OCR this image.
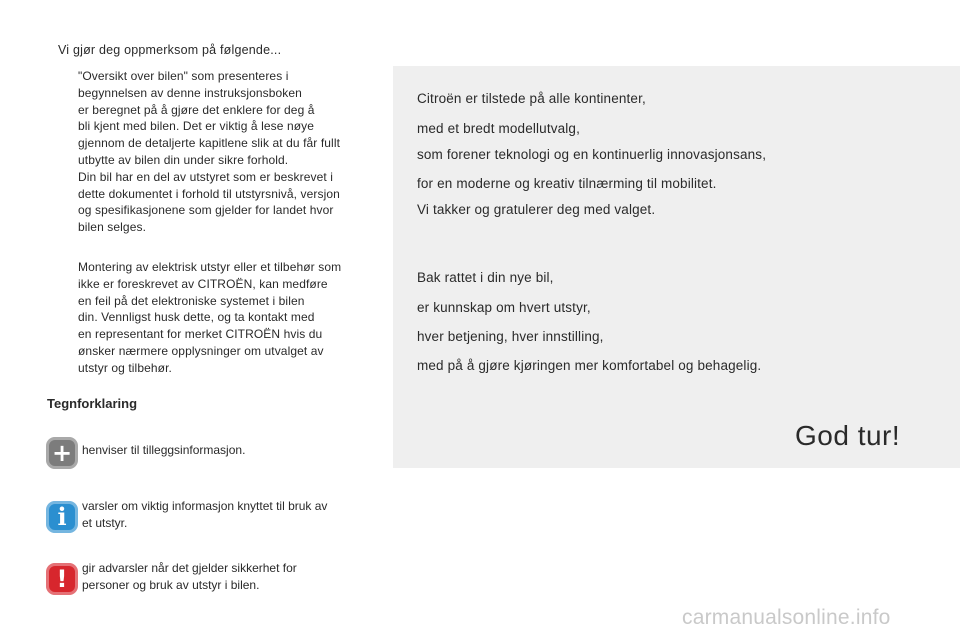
Vi gjør deg oppmerksom på følgende...
"Oversikt over bilen" som presenteres i
begynnelsen av denne instruksjonsboken
er beregnet på å gjøre det enklere for deg å
bli kjent med bilen. Det er viktig å lese nøye
gjennom de detaljerte kapitlene slik at du får fullt
utbytte av bilen din under sikre forhold.
Din bil har en del av utstyret som er beskrevet i
dette dokumentet i forhold til utstyrsnivå, versjon
og spesifikasjonene som gjelder for landet hvor
bilen selges.
Montering av elektrisk utstyr eller et tilbehør som
ikke er foreskrevet av CITROËN, kan medføre
en feil på det elektroniske systemet i bilen
din. Vennligst husk dette, og ta kontakt med
en representant for merket CITROËN hvis du
ønsker nærmere opplysninger om utvalget av
utstyr og tilbehør.
Tegnforklaring
+ henviser til tilleggsinformasjon.
i varsler om viktig informasjon knyttet til bruk av
et utstyr.
! gir advarsler når det gjelder sikkerhet for
personer og bruk av utstyr i bilen.
Citroën er tilstede på alle kontinenter,
med et bredt modellutvalg,
som forener teknologi og en kontinuerlig innovasjonsans,
for en moderne og kreativ tilnærming til mobilitet.
Vi takker og gratulerer deg med valget.
Bak rattet i din nye bil,
er kunnskap om hvert utstyr,
hver betjening, hver innstilling,
med på å gjøre kjøringen mer komfortabel og behagelig.
God tur!
carmanualsonline.info
